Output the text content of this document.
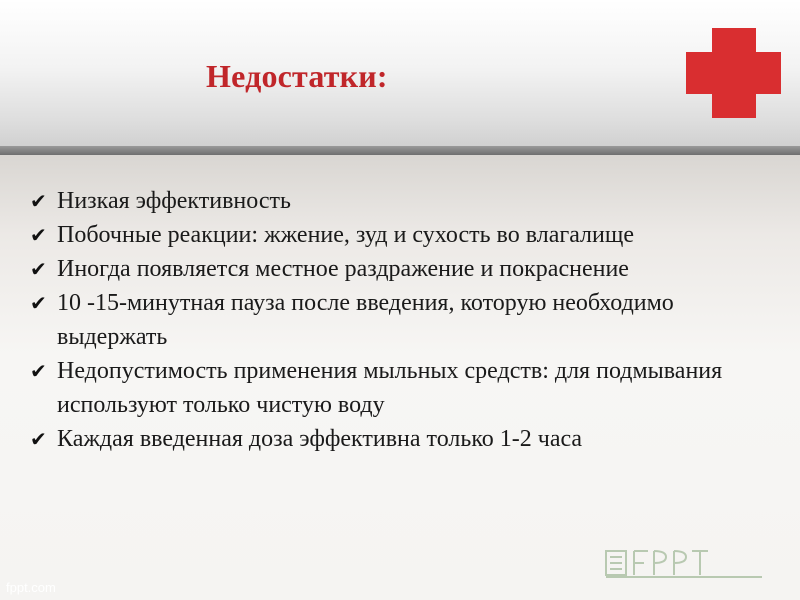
Недостатки:
✔ Низкая эффективность
✔ Побочные реакции: жжение, зуд и сухость во влагалище
✔ Иногда появляется местное раздражение и покраснение
✔ 10 -15-минутная пауза после введения, которую необходимо выдержать
✔ Недопустимость применения мыльных средств: для подмывания используют только чистую воду
✔ Каждая введенная доза эффективна только 1-2 часа
fppt.com
